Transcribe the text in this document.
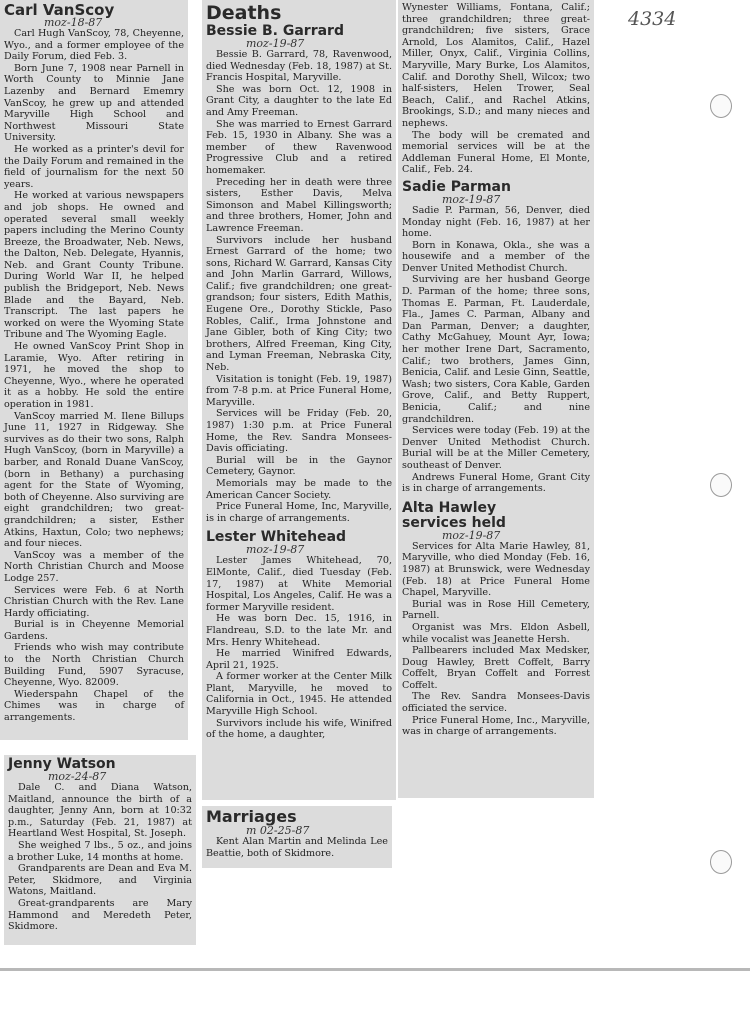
4334
Carl VanScoy
moz-18-87

Carl Hugh VanScoy, 78, Cheyenne, Wyo., and a former employee of the Daily Forum, died Feb. 3.

Born June 7, 1908 near Parnell in Worth County to Minnie Jane Lazenby and Bernard Ememry VanScoy, he grew up and attended Maryville High School and Northwest Missouri State University.

He worked as a printer's devil for the Daily Forum and remained in the field of journalism for the next 50 years.

He worked at various newspapers and job shops. He owned and operated several small weekly papers including the Merino County Breeze, the Broadwater, Neb. News, the Dalton, Neb. Delegate, Hyannis, Neb. and Grant County Tribune. During World War II, he helped publish the Bridgeport, Neb. News Blade and the Bayard, Neb. Transcript. The last papers he worked on were the Wyoming State Tribune and The Wyoming Eagle.

He owned VanScoy Print Shop in Laramie, Wyo. After retiring in 1971, he moved the shop to Cheyenne, Wyo., where he operated it as a hobby. He sold the entire operation in 1981.

VanScoy married M. Ilene Billups June 11, 1927 in Ridgeway. She survives as do their two sons, Ralph Hugh VanScoy, (born in Maryville) a barber, and Ronald Duane VanScoy, (born in Bethany) a purchasing agent for the State of Wyoming, both of Cheyenne. Also surviving are eight grandchildren; two great-grandchildren; a sister, Esther Atkins, Haxtun, Colo; two nephews; and four nieces.

VanScoy was a member of the North Christian Church and Moose Lodge 257.

Services were Feb. 6 at North Christian Church with the Rev. Lane Hardy officiating.

Burial is in Cheyenne Memorial Gardens.

Friends who wish may contribute to the North Christian Church Building Fund, 5907 Syracuse, Cheyenne, Wyo. 82009.

Wiederspahn Chapel of the Chimes was in charge of arrangements.

Jenny Watson
moz-24-87

Dale C. and Diana Watson, Maitland, announce the birth of a daughter, Jenny Ann, born at 10:32 p.m., Saturday (Feb. 21, 1987) at Heartland West Hospital, St. Joseph.

She weighed 7 lbs., 5 oz., and joins a brother Luke, 14 months at home.

Grandparents are Dean and Eva M. Peter, Skidmore, and Virginia Watons, Maitland.

Great-grandparents are Mary Hammond and Meredeth Peter, Skidmore.

Deaths
Bessie B. Garrard
moz-19-87

Bessie B. Garrard, 78, Ravenwood, died Wednesday (Feb. 18, 1987) at St. Francis Hospital, Maryville.

She was born Oct. 12, 1908 in Grant City, a daughter to the late Ed and Amy Freeman.

She was married to Ernest Garrard Feb. 15, 1930 in Albany. She was a member of thew Ravenwood Progressive Club and a retired homemaker.

Preceding her in death were three sisters, Esther Davis, Melva Simonson and Mabel Killingsworth; and three brothers, Homer, John and Lawrence Freeman.

Survivors include her husband Ernest Garrard of the home; two sons, Richard W. Garrard, Kansas City and John Marlin Garrard, Willows, Calif.; five grandchildren; one great-grandson; four sisters, Edith Mathis, Eugene Ore., Dorothy Stickle, Paso Robles, Calif., Irma Johnstone and Jane Gibler, both of King City; two brothers, Alfred Freeman, King City, and Lyman Freeman, Nebraska City, Neb.

Visitation is tonight (Feb. 19, 1987) from 7-8 p.m. at Price Funeral Home, Maryville.

Services will be Friday (Feb. 20, 1987) 1:30 p.m. at Price Funeral Home, the Rev. Sandra Monsees-Davis officiating.

Burial will be in the Gaynor Cemetery, Gaynor.

Memorials may be made to the American Cancer Society.

Price Funeral Home, Inc, Maryville, is in charge of arrangements.

Lester Whitehead
moz-19-87

Lester James Whitehead, 70, ElMonte, Calif., died Tuesday (Feb. 17, 1987) at White Memorial Hospital, Los Angeles, Calif. He was a former Maryville resident.

He was born Dec. 15, 1916, in Flandreau, S.D. to the late Mr. and Mrs. Henry Whitehead.

He married Winifred Edwards, April 21, 1925.

A former worker at the Center Milk Plant, Maryville, he moved to California in Oct., 1945. He attended Maryville High School.

Survivors include his wife, Winifred of the home, a daughter,

Marriages
m 02-25-87

Kent Alan Martin and Melinda Lee Beattie, both of Skidmore.

Wynester Williams, Fontana, Calif.; three grandchildren; three great-grandchildren; five sisters, Grace Arnold, Los Alamitos, Calif., Hazel Miller, Onyx, Calif., Virginia Collins, Maryville, Mary Burke, Los Alamitos, Calif. and Dorothy Shell, Wilcox; two half-sisters, Helen Trower, Seal Beach, Calif., and Rachel Atkins, Brookings, S.D.; and many nieces and nephews.

The body will be cremated and memorial services will be at the Addleman Funeral Home, El Monte, Calif., Feb. 24.

Sadie Parman
moz-19-87

Sadie P. Parman, 56, Denver, died Monday night (Feb. 16, 1987) at her home.

Born in Konawa, Okla., she was a housewife and a member of the Denver United Methodist Church.

Surviving are her husband George D. Parman of the home; three sons, Thomas E. Parman, Ft. Lauderdale, Fla., James C. Parman, Albany and Dan Parman, Denver; a daughter, Cathy McGahuey, Mount Ayr, Iowa; her mother Irene Dart, Sacramento, Calif.; two brothers, James Ginn, Benicia, Calif. and Lesie Ginn, Seattle, Wash; two sisters, Cora Kable, Garden Grove, Calif., and Betty Ruppert, Benicia, Calif.; and nine grandchildren.

Services were today (Feb. 19) at the Denver United Methodist Church. Burial will be at the Miller Cemetery, southeast of Denver.

Andrews Funeral Home, Grant City is in charge of arrangements.

Alta Hawley
services held
moz-19-87

Services for Alta Marie Hawley, 81, Maryville, who died Monday (Feb. 16, 1987) at Brunswick, were Wednesday (Feb. 18) at Price Funeral Home Chapel, Maryville.

Burial was in Rose Hill Cemetery, Parnell.

Organist was Mrs. Eldon Asbell, while vocalist was Jeanette Hersh.

Pallbearers included Max Medsker, Doug Hawley, Brett Coffelt, Barry Coffelt, Bryan Coffelt and Forrest Coffelt.

The Rev. Sandra Monsees-Davis officiated the service.

Price Funeral Home, Inc., Maryville, was in charge of arrangements.
